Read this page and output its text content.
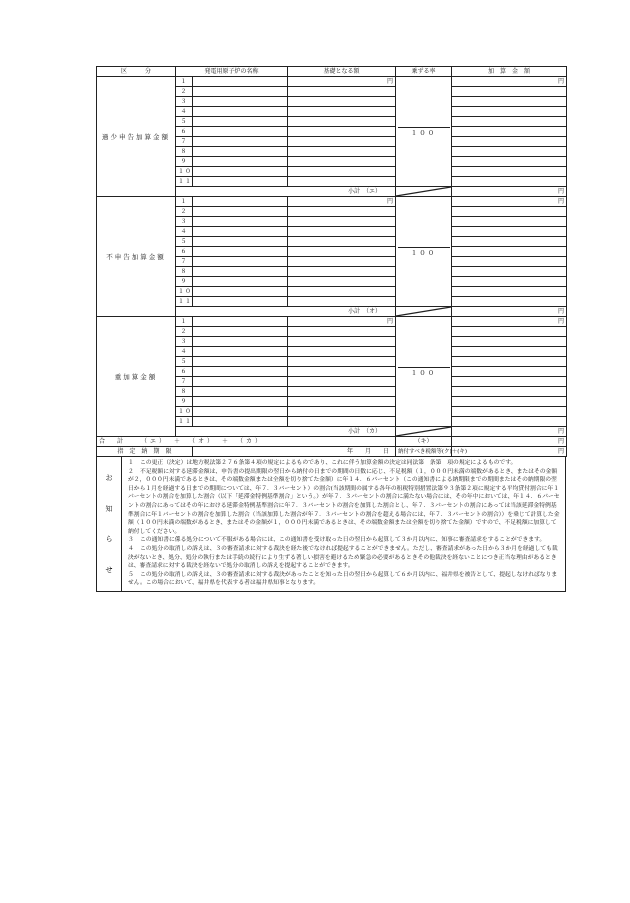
区　　　分	発電用原子炉の名称		基礎となる額	乗ずる率	加　算　金　額
過少申告加算金額	１		円	１００	円
	２				
	３				
	４				
	５				
	６				
	７				
	８				
	９				
	１０				
	１１				
	小計　（エ）				円
不申告加算金額	１		円	１００	円
	２				
	３				
	４				
	５				
	６				
	７				
	８				
	９				
	１０				
	１１				
	小計　（オ）				円
重加算金額	１		円	１００	円
	２				
	３				
	４				
	５				
	６				
	７				
	８				
	９				
	１０				
	１１				
	小計　（カ）				円
合　計　　（エ）　＋　（オ）　＋　（カ）				（キ）	円
指　定　納　期　限		年　　月　　日		納付すべき税額等(ク)＋(キ)	円
お
知
ら
せ

１ この更正（決定）は地方税法第２７６条第４項の規定によるものであり、これに伴う加算金額の決定は同法第　条第　項の規定によるものです。

２ 不足税額に対する延滞金額は、申告書の提出期限の翌日から納付の日までの期間の日数に応じ、不足税額（１，０００円未満の端数があるとき、またはその金額が２，０００円未満であるときは、その端数金額または全額を切り捨てた金額）に年１４．６パーセント（この通知書による納期限までの期間またはその納期限の翌日から１月を経過する日までの期間については、年７．３パーセント）の割合(当該期間の属する各年の租税特別措置法第９３条第２項に規定する平均貸付割合に年１パーセントの割合を加算した割合（以下「延滞金特例基準割合」という。）が年７．３パーセントの割合に満たない場合には、その年中においては、年１４．６パーセントの割合にあってはその年における延滞金特例基準割合に年７．３パーセントの割合を加算した割合とし、年７．３パーセントの割合にあっては当該延滞金特例基準割合に年１パーセントの割合を加算した割合（当該加算した割合が年７．３パーセントの割合を超える場合には、年７．３パーセントの割合））を乗じて計算した金額（１００円未満の端数があるとき、またはその金額が１，０００円未満であるときは、その端数金額または全額を切り捨てた金額）ですので、不足税額に加算して納付してください。

３ この通知書に係る処分について不服がある場合には、この通知書を受け取った日の翌日から起算して３か月以内に、知事に審査請求をすることができます。

４ この処分の取消しの訴えは、３の審査請求に対する裁決を経た後でなければ提起することができません。ただし、審査請求があった日から３か月を経過しても裁決がないとき、処分、処分の執行または手続の続行により生ずる著しい損害を避けるため緊急の必要があるときその他裁決を経ないことにつき正当な理由があるときは、審査請求に対する裁決を経ないで処分の取消しの訴えを提起することができます。

５ この処分の取消しの訴えは、３の審査請求に対する裁決があったことを知った日の翌日から起算して６か月以内に、福井県を被告として、提起しなければなりません。この場合において、福井県を代表する者は福井県知事となります。
